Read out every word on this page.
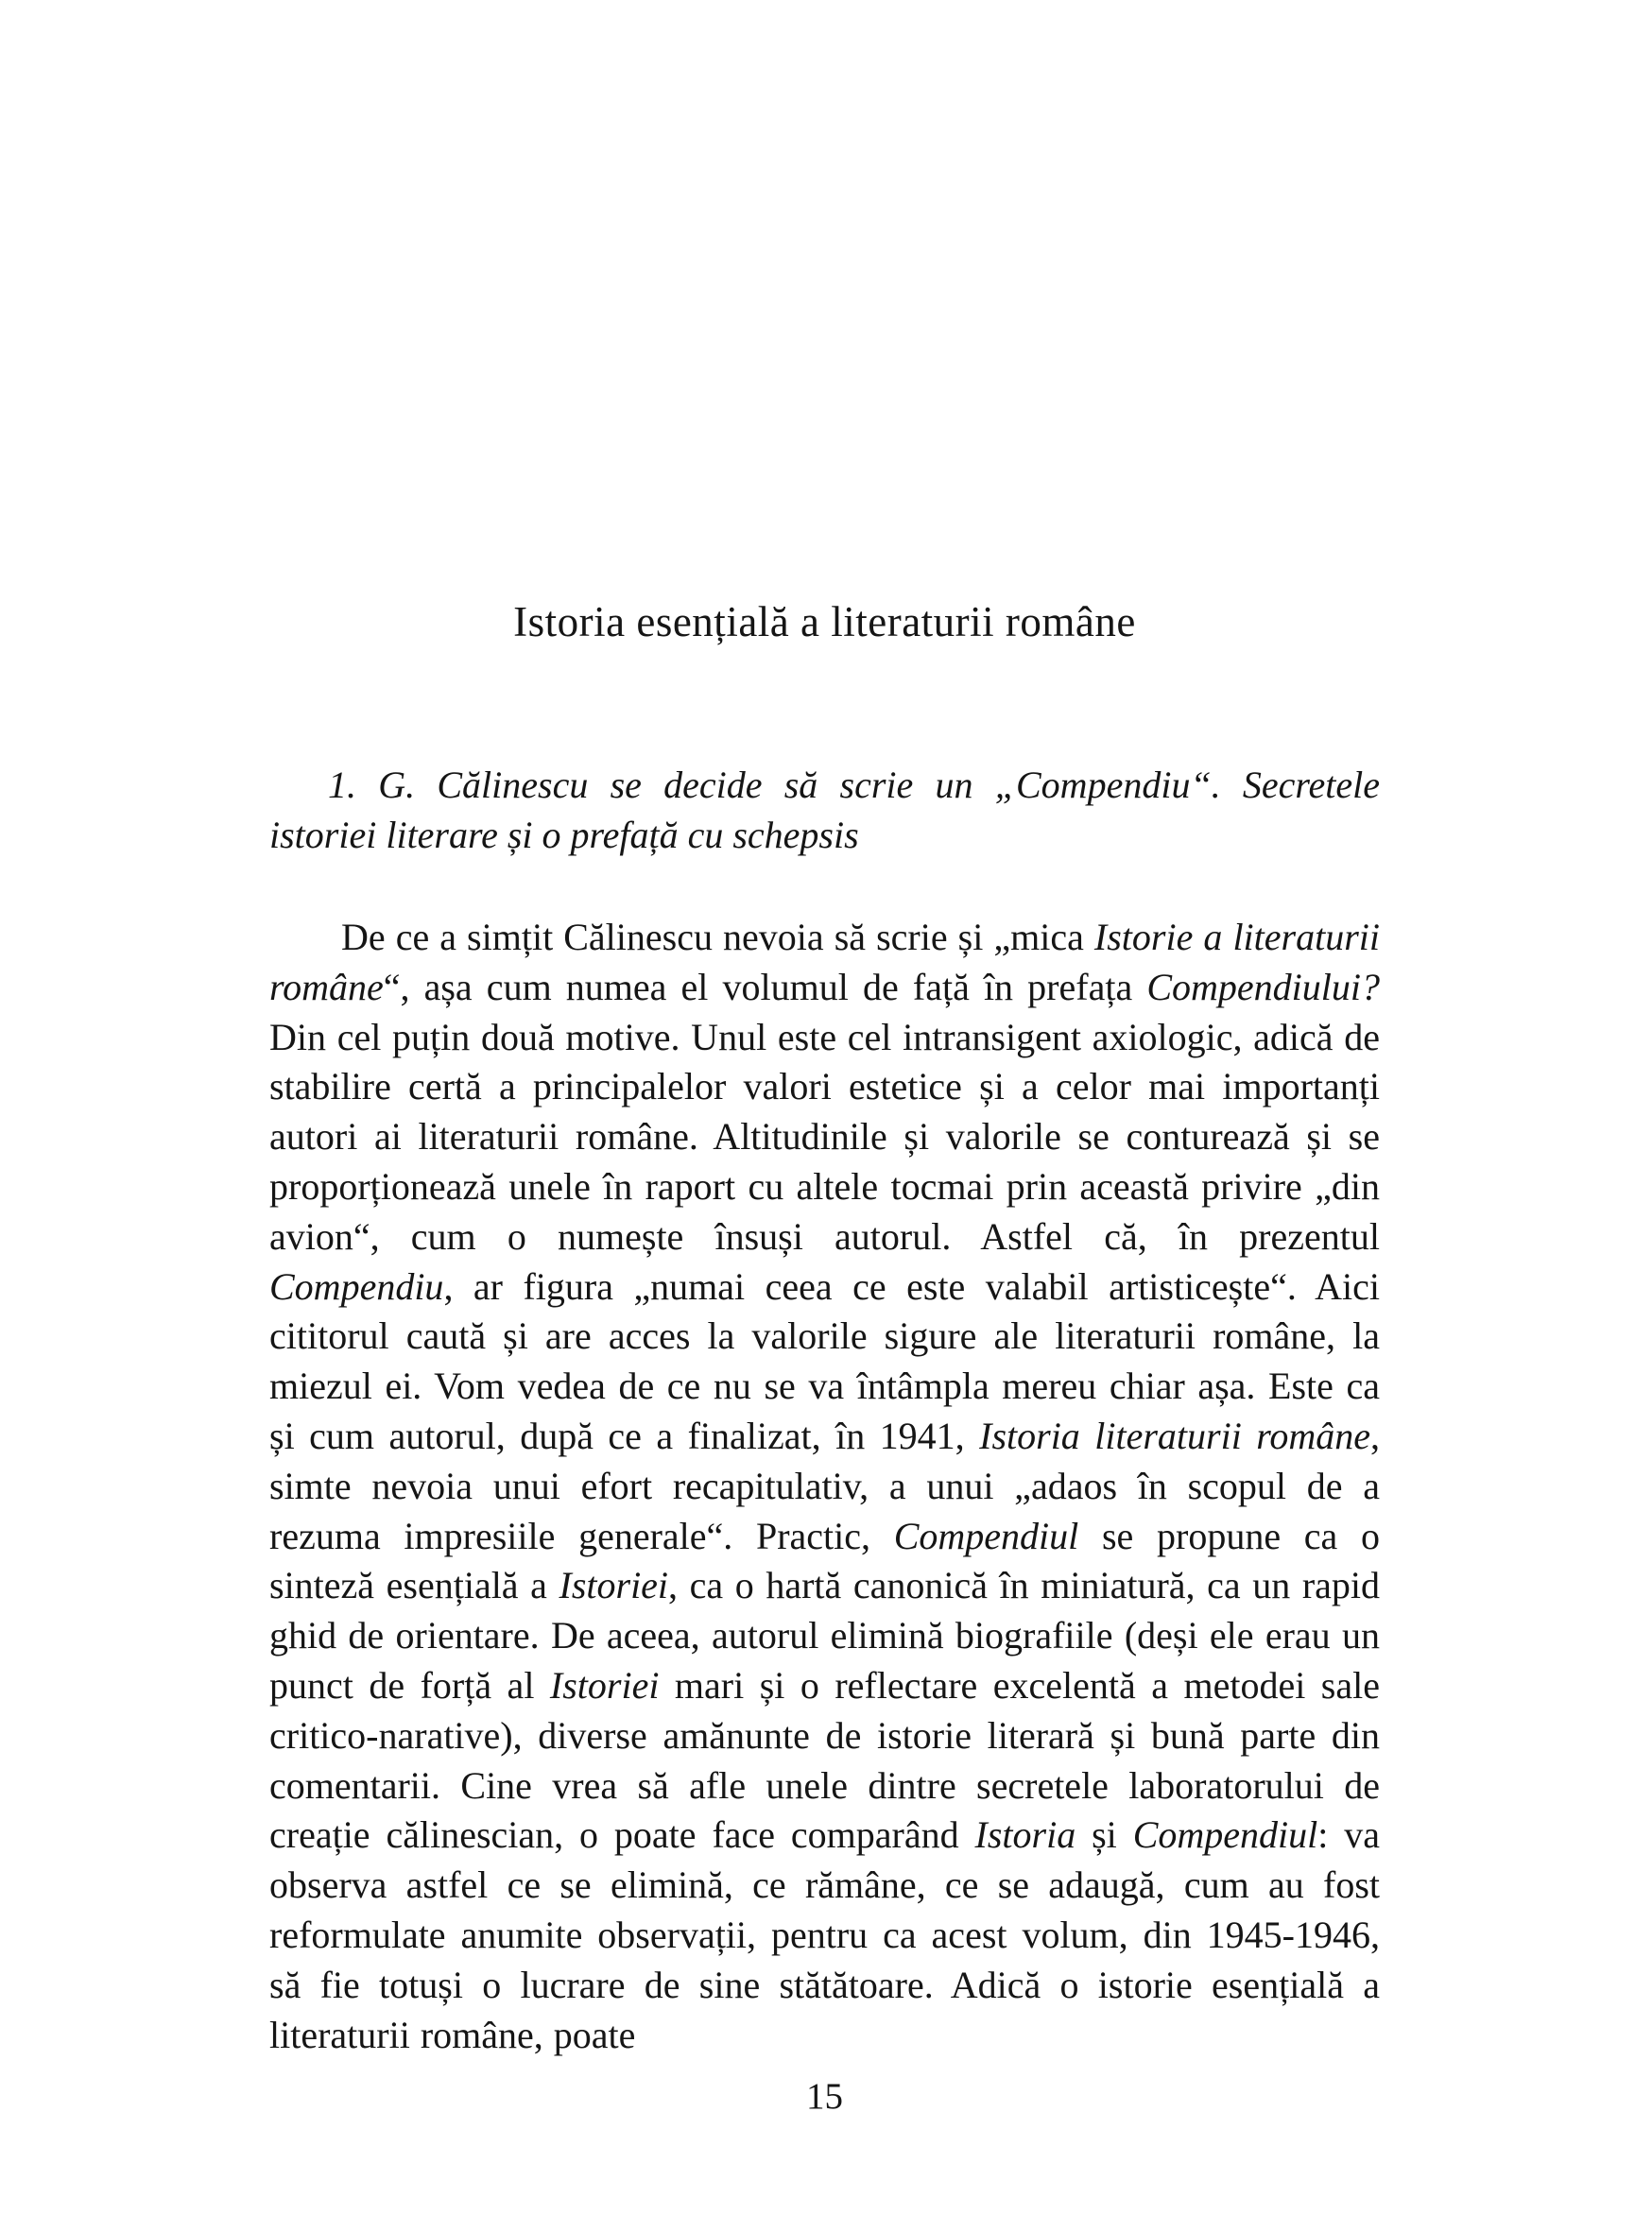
Istoria esențială a literaturii române
1. G. Călinescu se decide să scrie un „Compendiu“. Secretele istoriei literare și o prefață cu schepsis

De ce a simțit Călinescu nevoia să scrie și „mica Istorie a literaturii române“, așa cum numea el volumul de față în prefața Compendiului? Din cel puțin două motive. Unul este cel intransigent axiologic, adică de stabilire certă a principalelor valori estetice și a celor mai importanți autori ai literaturii române. Altitudinile și valorile se conturează și se proporționează unele în raport cu altele tocmai prin această privire „din avion“, cum o numește însuși autorul. Astfel că, în prezentul Compendiu, ar figura „numai ceea ce este valabil artisticește“. Aici cititorul caută și are acces la valorile sigure ale literaturii române, la miezul ei. Vom vedea de ce nu se va întâmpla mereu chiar așa. Este ca și cum autorul, după ce a finalizat, în 1941, Istoria literaturii române, simte nevoia unui efort recapitulativ, a unui „adaos în scopul de a rezuma impresiile generale“. Practic, Compendiul se propune ca o sinteză esențială a Istoriei, ca o hartă canonică în miniatură, ca un rapid ghid de orientare. De aceea, autorul elimină biografiile (deși ele erau un punct de forță al Istoriei mari și o reflectare excelentă a metodei sale critico-narative), diverse amănunte de istorie literară și bună parte din comentarii. Cine vrea să afle unele dintre secretele laboratorului de creație călinescian, o poate face comparând Istoria și Compendiul: va observa astfel ce se elimină, ce rămâne, ce se adaugă, cum au fost reformulate anumite observații, pentru ca acest volum, din 1945-1946, să fie totuși o lucrare de sine stătătoare. Adică o istorie esențială a literaturii române, poate

15
